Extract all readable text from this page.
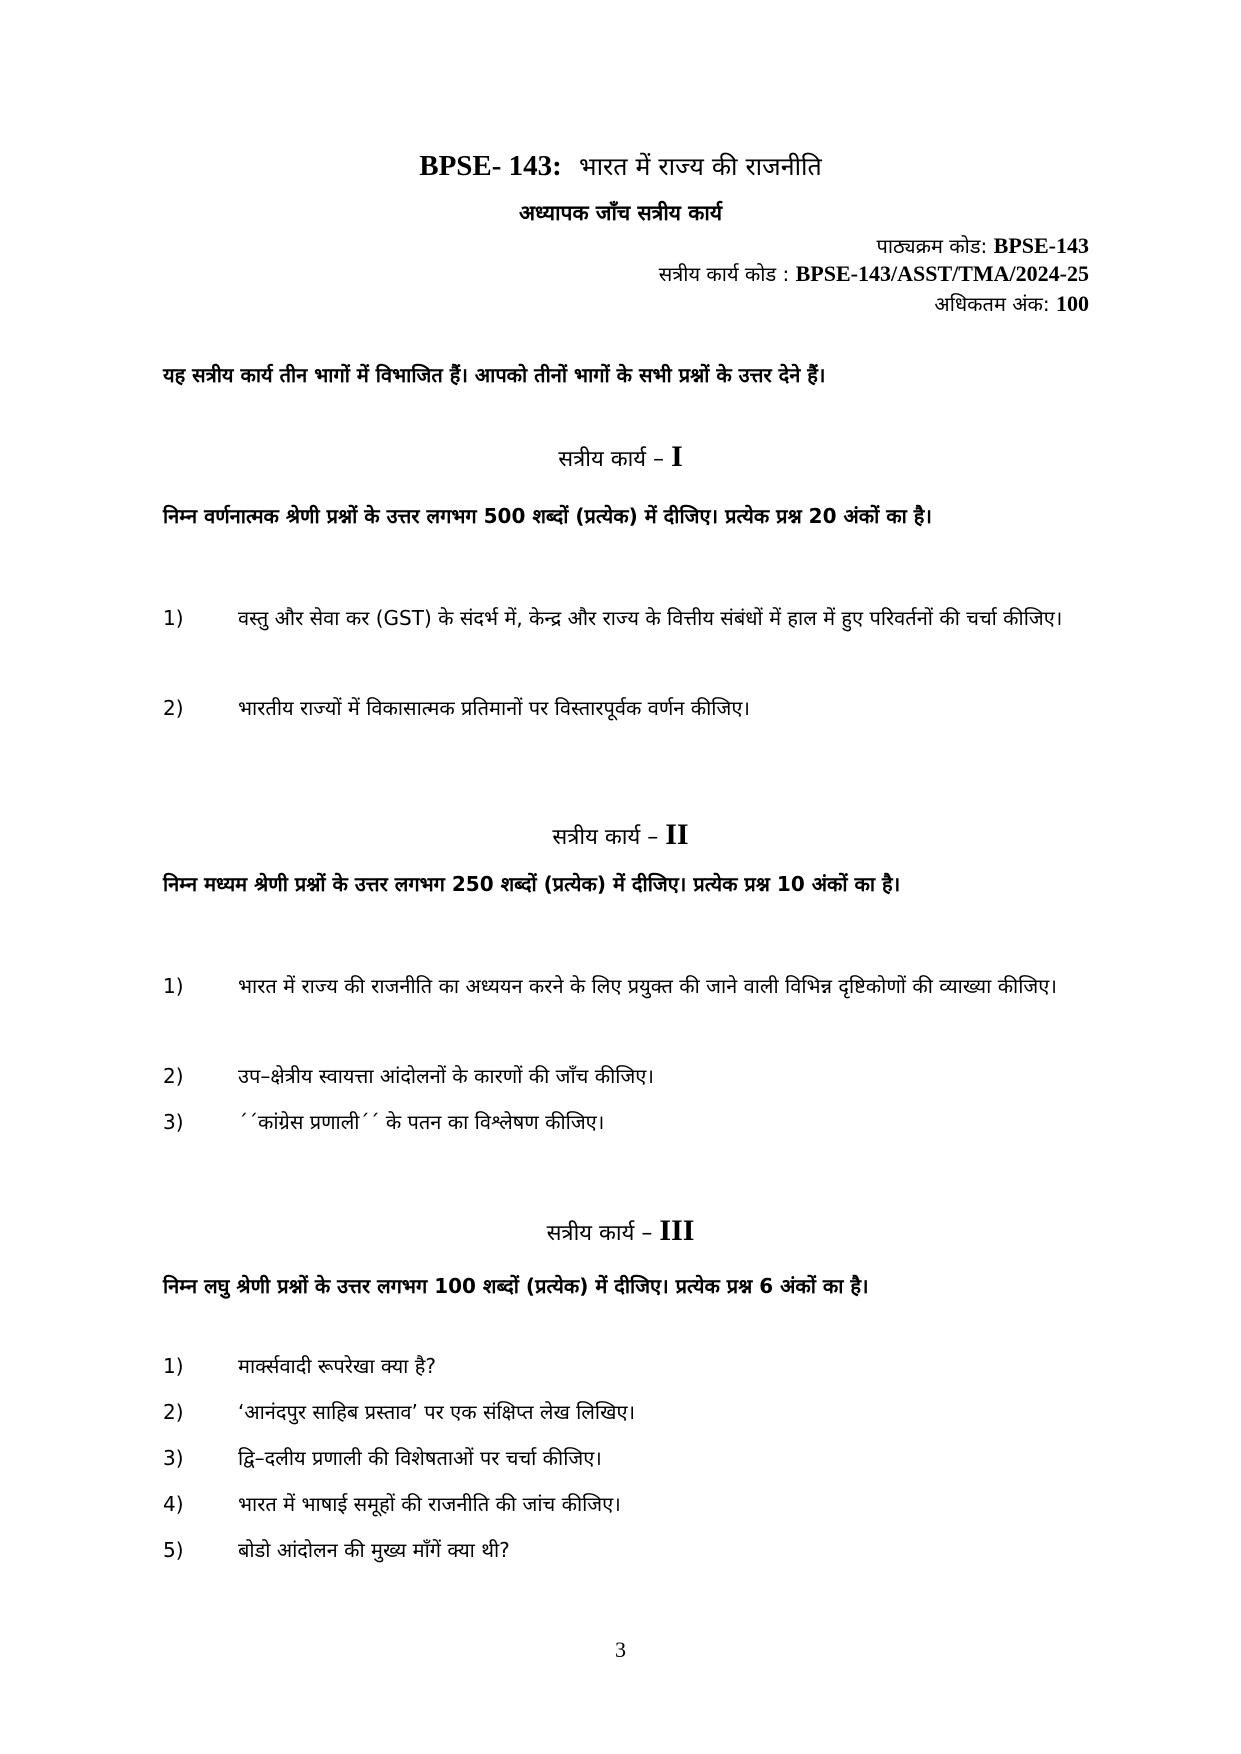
BPSE- 143: भारत में राज्य की राजनीति
अध्यापक जाँच सत्रीय कार्य
पाठ्यक्रम कोड: BPSE-143
सत्रीय कार्य कोड : BPSE-143/ASST/TMA/2024-25
अधिकतम अंक: 100
यह सत्रीय कार्य तीन भागों में विभाजित हैं। आपको तीनों भागों के सभी प्रश्नों के उत्तर देने हैं।
सत्रीय कार्य – I
निम्न वर्णनात्मक श्रेणी प्रश्नों के उत्तर लगभग 500 शब्दों (प्रत्येक) में दीजिए। प्रत्येक प्रश्न 20 अंकों का है।
1)	वस्तु और सेवा कर (GST) के संदर्भ में, केन्द्र और राज्य के वित्तीय संबंधों में हाल में हुए परिवर्तनों की चर्चा कीजिए।
2)	भारतीय राज्यों में विकासात्मक प्रतिमानों पर विस्तारपूर्वक वर्णन कीजिए।
सत्रीय कार्य – II
निम्न मध्यम श्रेणी प्रश्नों के उत्तर लगभग 250 शब्दों (प्रत्येक) में दीजिए। प्रत्येक प्रश्न 10 अंकों का है।
1)	भारत में राज्य की राजनीति का अध्ययन करने के लिए प्रयुक्त की जाने वाली विभिन्न दृष्टिकोणों की व्याख्या कीजिए।
2)	उप–क्षेत्रीय स्वायत्ता आंदोलनों के कारणों की जाँच कीजिए।
3)	´´कांग्रेस प्रणाली´´ के पतन का विश्लेषण कीजिए।
सत्रीय कार्य – III
निम्न लघु श्रेणी प्रश्नों के उत्तर लगभग 100 शब्दों (प्रत्येक) में दीजिए। प्रत्येक प्रश्न 6 अंकों का है।
1)	मार्क्सवादी रूपरेखा क्या है?
2)	‘आनंदपुर साहिब प्रस्ताव’ पर एक संक्षिप्त लेख लिखिए।
3)	द्वि–दलीय प्रणाली की विशेषताओं पर चर्चा कीजिए।
4)	भारत में भाषाई समूहों की राजनीति की जांच कीजिए।
5)	बोडो आंदोलन की मुख्य माँगें क्या थी?
3
